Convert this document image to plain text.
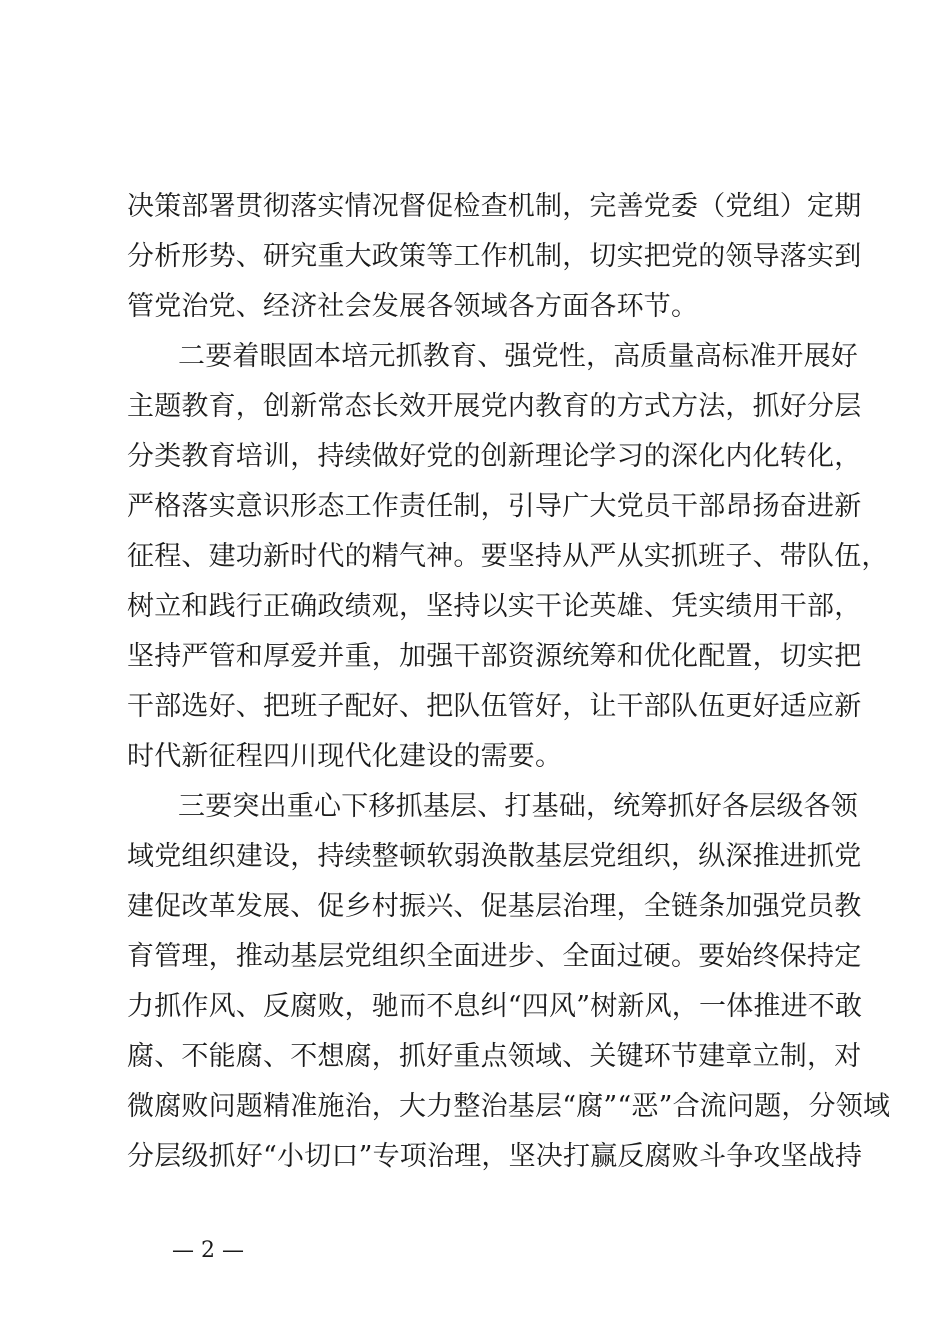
决策部署贯彻落实情况督促检查机制，完善党委（党组）定期
分析形势、研究重大政策等工作机制，切实把党的领导落实到
管党治党、经济社会发展各领域各方面各环节。
二要着眼固本培元抓教育、强党性，高质量高标准开展好
主题教育，创新常态长效开展党内教育的方式方法，抓好分层
分类教育培训，持续做好党的创新理论学习的深化内化转化，
严格落实意识形态工作责任制，引导广大党员干部昂扬奋进新
征程、建功新时代的精气神。要坚持从严从实抓班子、带队伍，
树立和践行正确政绩观，坚持以实干论英雄、凭实绩用干部，
坚持严管和厚爱并重，加强干部资源统筹和优化配置，切实把
干部选好、把班子配好、把队伍管好，让干部队伍更好适应新
时代新征程四川现代化建设的需要。
三要突出重心下移抓基层、打基础，统筹抓好各层级各领
域党组织建设，持续整顿软弱涣散基层党组织，纵深推进抓党
建促改革发展、促乡村振兴、促基层治理，全链条加强党员教
育管理，推动基层党组织全面进步、全面过硬。要始终保持定
力抓作风、反腐败，驰而不息纠“四风”树新风，一体推进不敢
腐、不能腐、不想腐，抓好重点领域、关键环节建章立制，对
微腐败问题精准施治，大力整治基层“腐”“恶”合流问题，分领域
分层级抓好“小切口”专项治理，坚决打赢反腐败斗争攻坚战持
— 2 —
